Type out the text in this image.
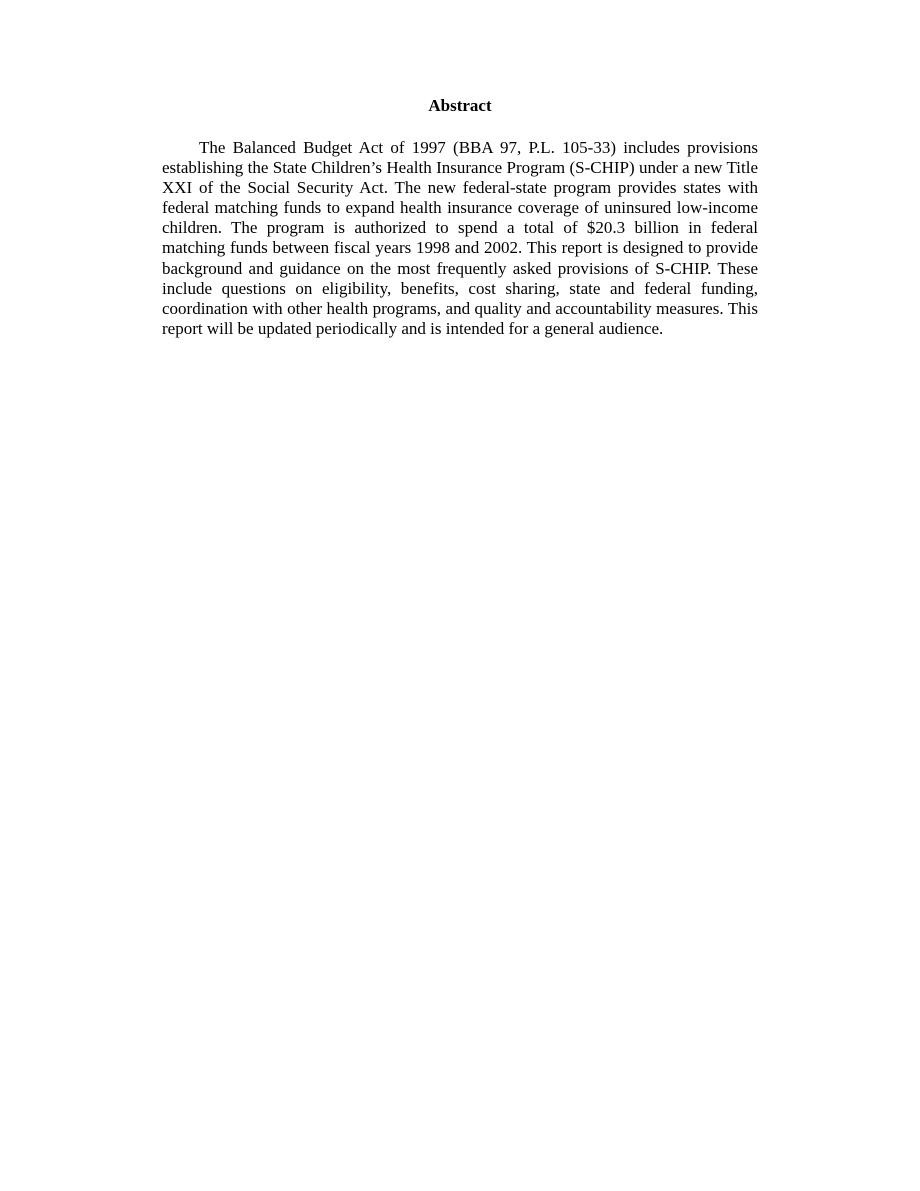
Abstract

The Balanced Budget Act of 1997 (BBA 97, P.L. 105-33) includes provisions establishing the State Children’s Health Insurance Program (S-CHIP) under a new Title XXI of the Social Security Act. The new federal-state program provides states with federal matching funds to expand health insurance coverage of uninsured low-income children. The program is authorized to spend a total of $20.3 billion in federal matching funds between fiscal years 1998 and 2002. This report is designed to provide background and guidance on the most frequently asked provisions of S-CHIP. These include questions on eligibility, benefits, cost sharing, state and federal funding, coordination with other health programs, and quality and accountability measures. This report will be updated periodically and is intended for a general audience.
